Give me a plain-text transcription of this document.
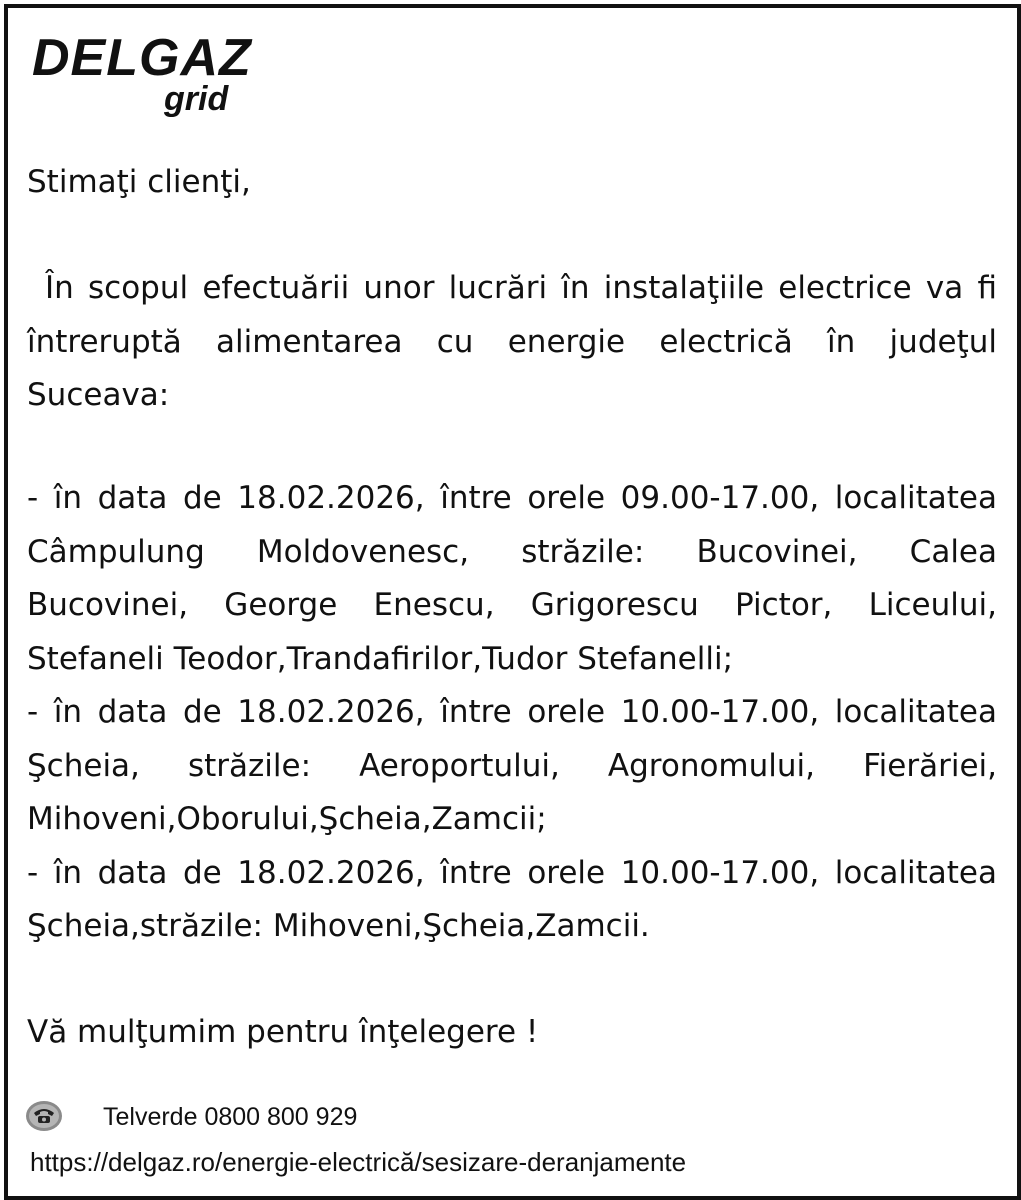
DELGAZ
grid
Stimaţi clienţi,
În scopul efectuării unor lucrări în instalaţiile electrice va fi întreruptă alimentarea cu energie electrică în judeţul Suceava:
- în data de 18.02.2026, între orele 09.00-17.00, localitatea Câmpulung Moldovenesc, străzile: Bucovinei, Calea Bucovinei, George Enescu, Grigorescu Pictor, Liceului, Stefaneli Teodor,Trandafirilor,Tudor Stefanelli;
- în data de 18.02.2026, între orele 10.00-17.00, localitatea Şcheia, străzile: Aeroportului, Agronomului, Fierăriei, Mihoveni,Oborului,Şcheia,Zamcii;
- în data de 18.02.2026, între orele 10.00-17.00, localitatea Şcheia,străzile: Mihoveni,Şcheia,Zamcii.
Vă mulţumim pentru înţelegere !
Telverde 0800 800 929
https://delgaz.ro/energie-electrică/sesizare-deranjamente
